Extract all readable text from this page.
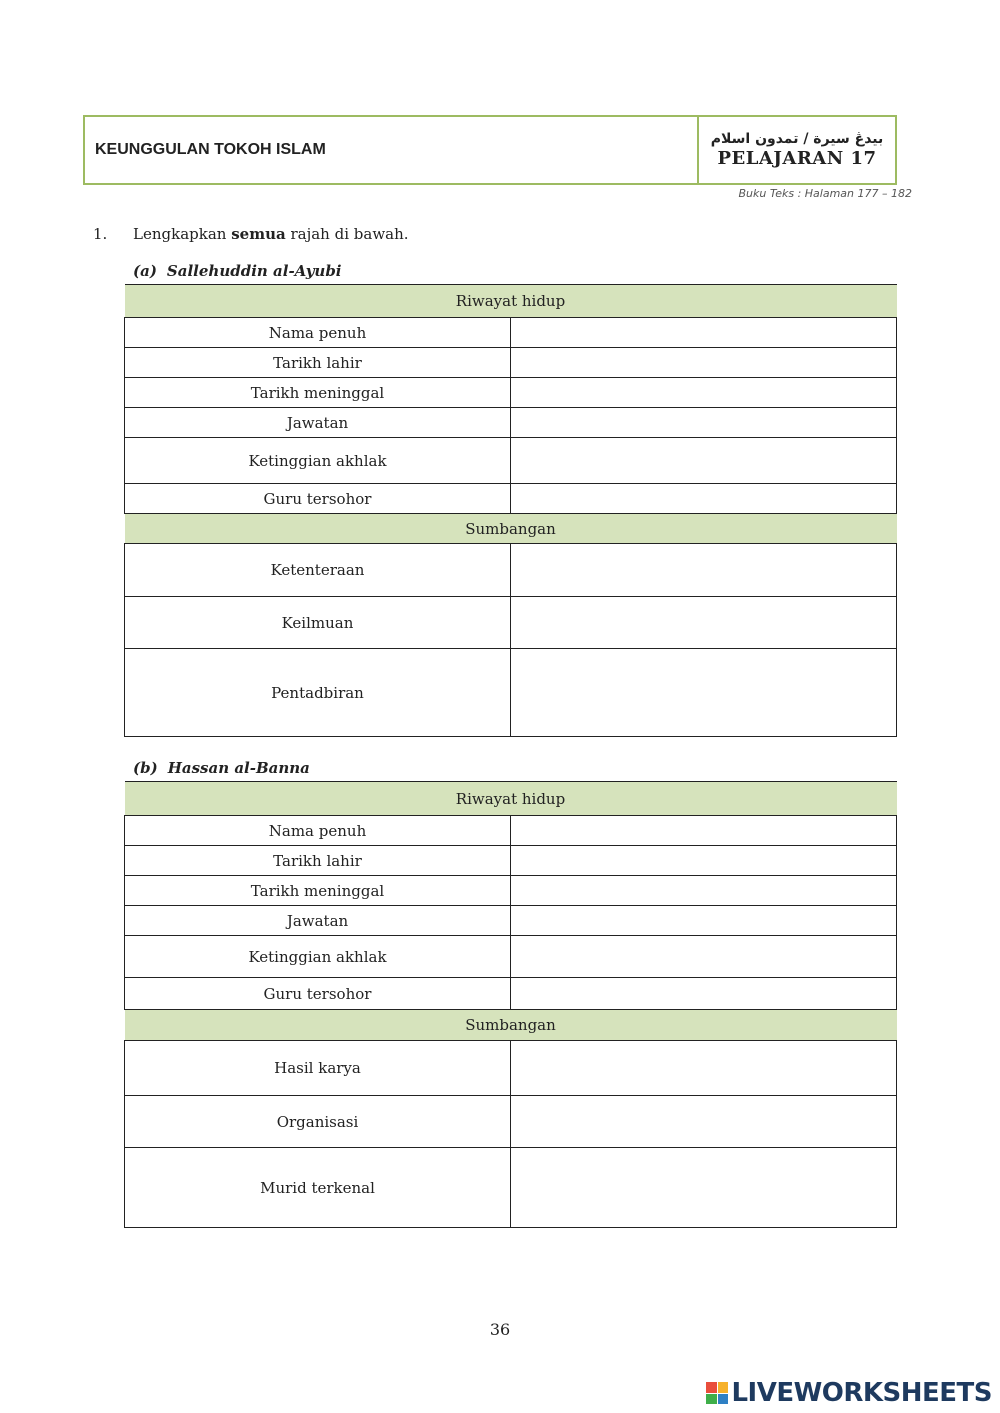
KEUNGGULAN TOKOH ISLAM
بيدڠ سيرة / تمدون اسلام
PELAJARAN 17
Buku Teks : Halaman 177 – 182
1.	Lengkapkan semua rajah di bawah.
(a) Sallehuddin al-Ayubi
Riwayat hidup	
Nama penuh	
Tarikh lahir	
Tarikh meninggal	
Jawatan	
Ketinggian akhlak	
Guru tersohor	
Sumbangan	
Ketenteraan	
Keilmuan	
Pentadbiran	
(b) Hassan al-Banna
Riwayat hidup	
Nama penuh	
Tarikh lahir	
Tarikh meninggal	
Jawatan	
Ketinggian akhlak	
Guru tersohor	
Sumbangan	
Hasil karya	
Organisasi	
Murid terkenal	
36
LIVEWORKSHEETS
